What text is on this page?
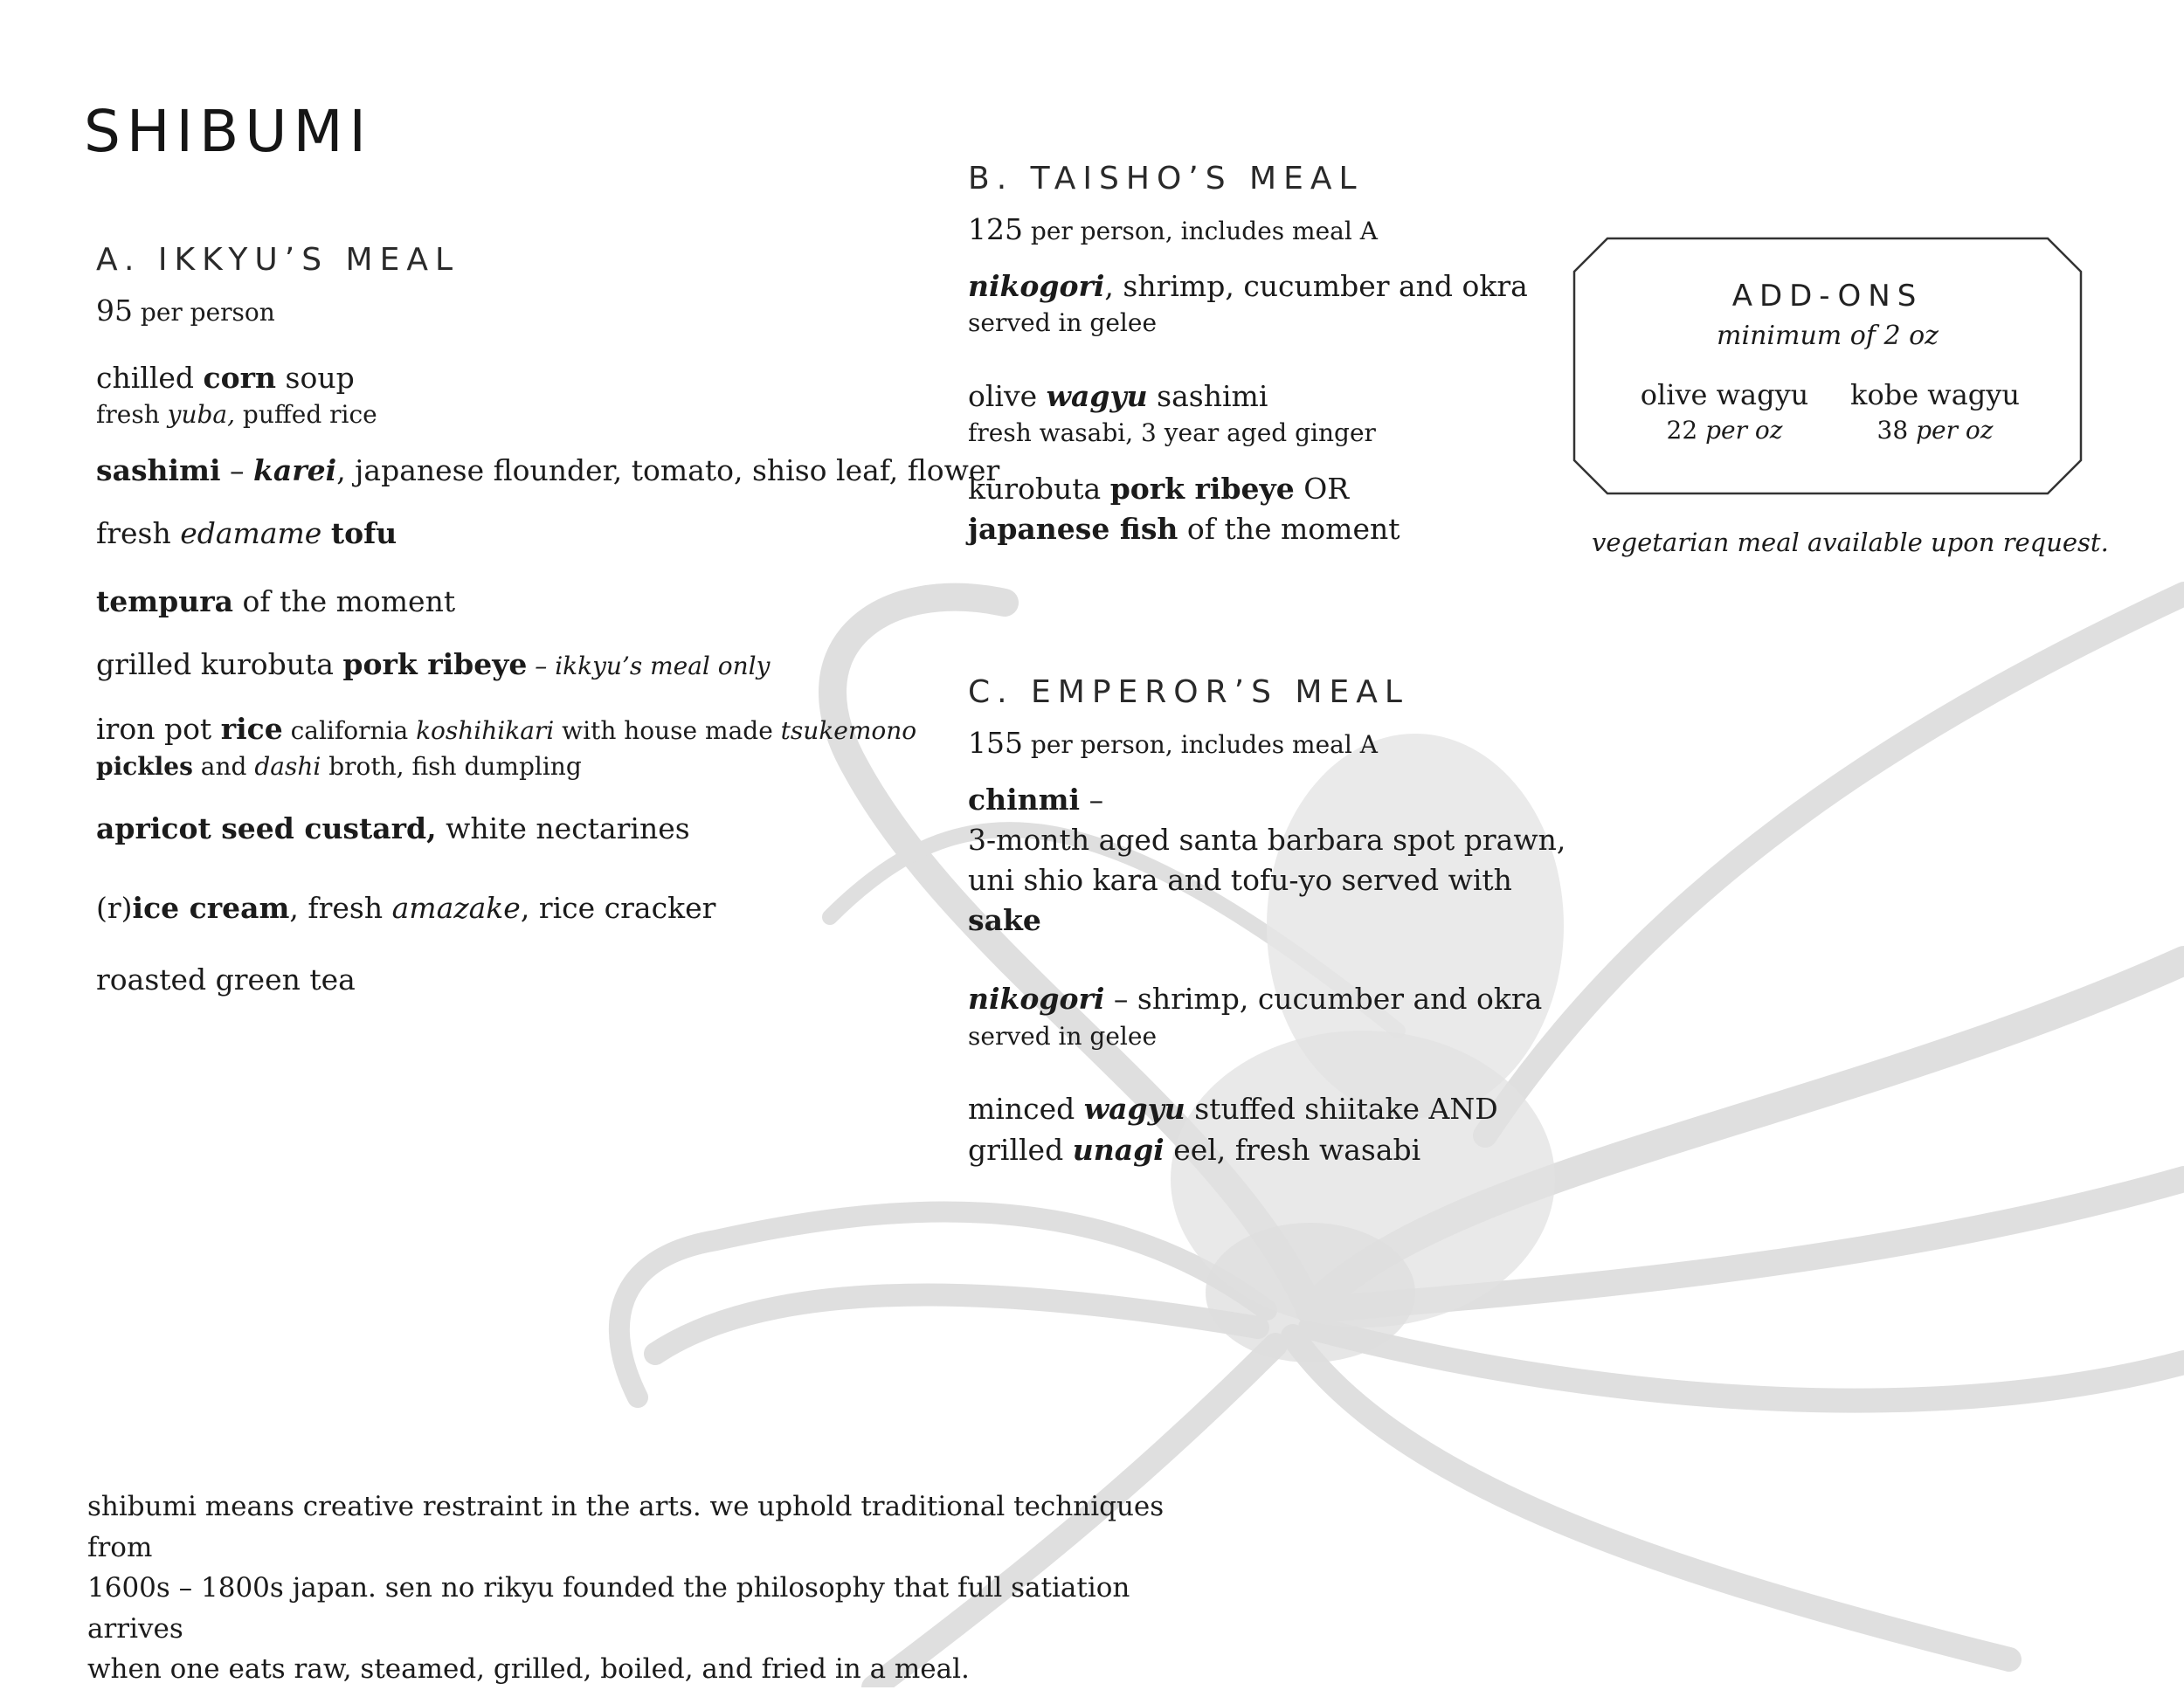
SHIBUMI
A. IKKYU’S MEAL
95 per person
chilled corn soup
fresh yuba, puffed rice
sashimi – karei, japanese flounder, tomato, shiso leaf, flower
fresh edamame tofu
tempura of the moment
grilled kurobuta pork ribeye – ikkyu’s meal only
iron pot rice california koshihikari with house made tsukemono
pickles and dashi broth, fish dumpling
apricot seed custard, white nectarines
(r)ice cream, fresh amazake, rice cracker
roasted green tea
B. TAISHO’S MEAL
125 per person, includes meal A
nikogori, shrimp, cucumber and okra
served in gelee
olive wagyu sashimi
fresh wasabi, 3 year aged ginger
kurobuta pork ribeye OR
japanese fish of the moment
C. EMPEROR’S MEAL
155 per person, includes meal A
chinmi –
3-month aged santa barbara spot prawn,
uni shio kara and tofu-yo served with
sake
nikogori – shrimp, cucumber and okra
served in gelee
minced wagyu stuffed shiitake AND
grilled unagi eel, fresh wasabi
ADD-ONS
minimum of 2 oz
olive wagyu
22 per oz
kobe wagyu
38 per oz
vegetarian meal available upon request.
shibumi means creative restraint in the arts. we uphold traditional techniques from
1600s – 1800s japan. sen no rikyu founded the philosophy that full satiation arrives
when one eats raw, steamed, grilled, boiled, and fried in a meal.
